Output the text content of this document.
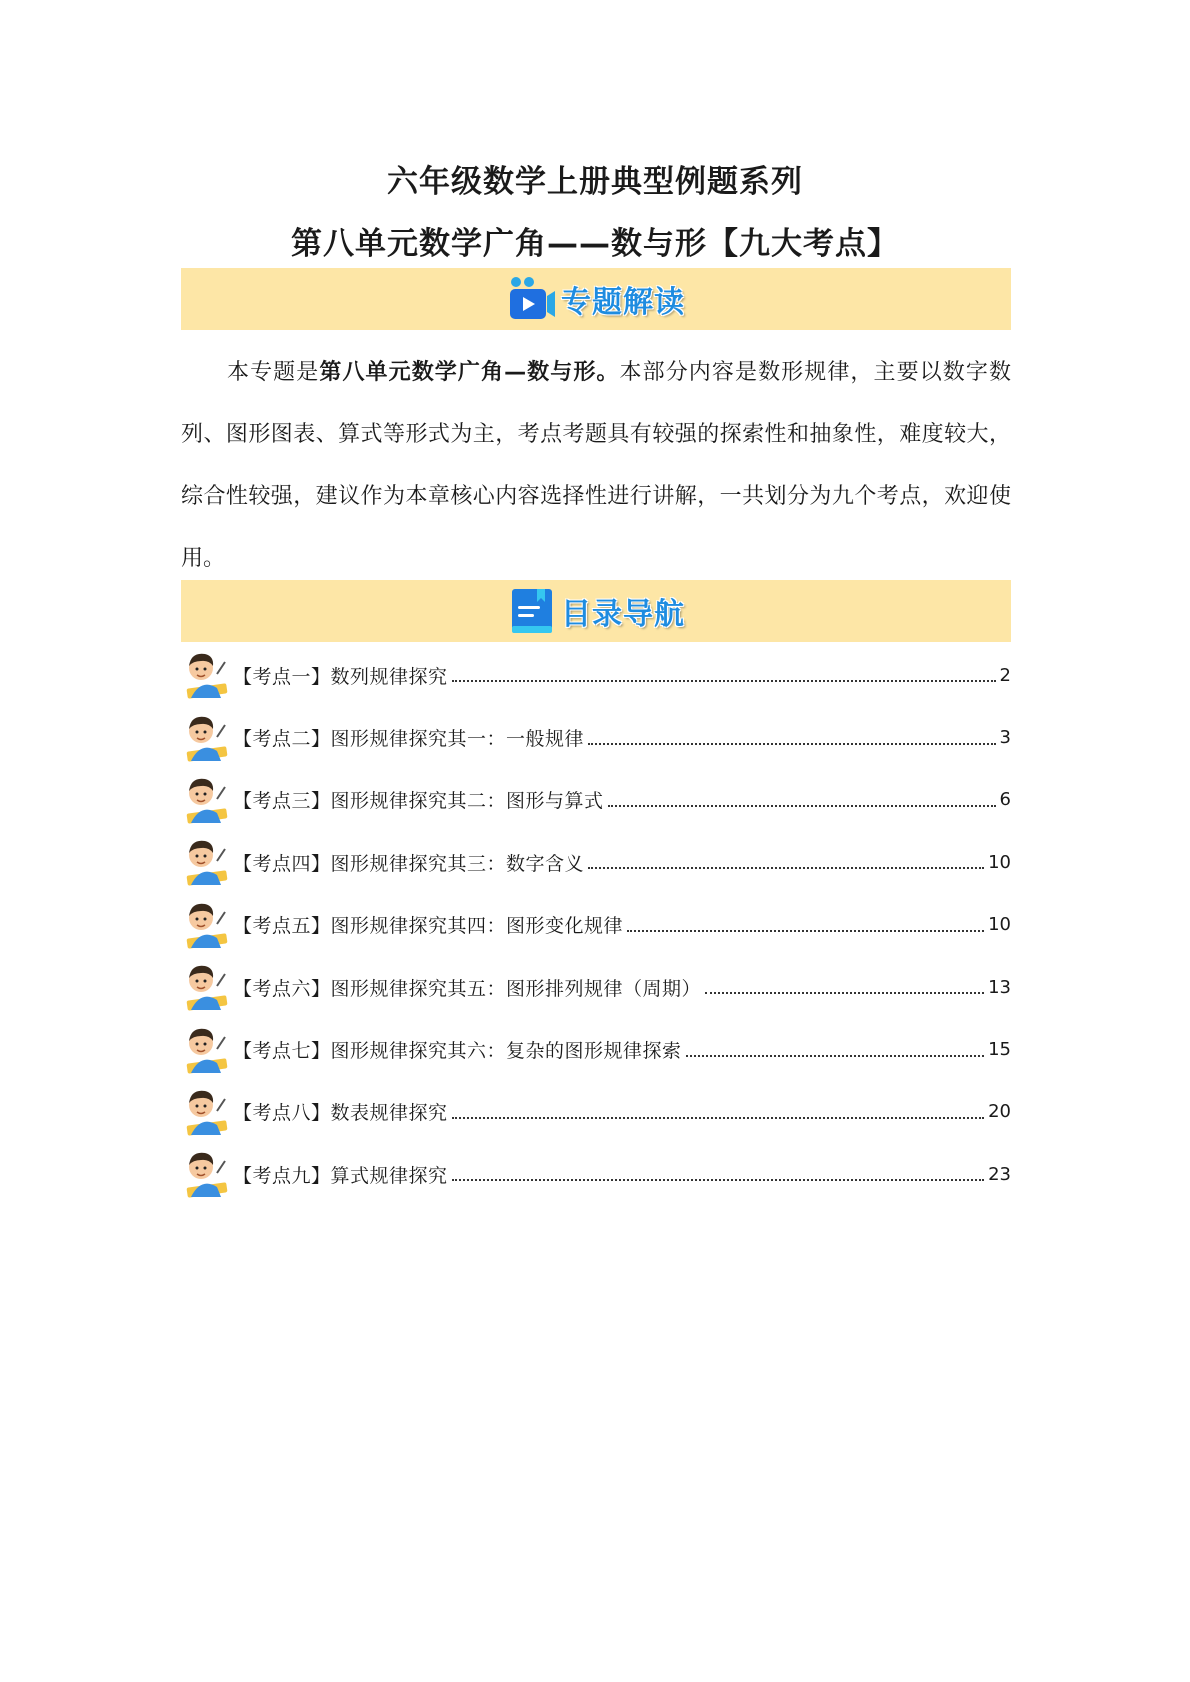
六年级数学上册典型例题系列
第八单元数学广角——数与形【九大考点】
专题解读
本专题是第八单元数学广角—数与形。本部分内容是数形规律，主要以数字数列、图形图表、算式等形式为主，考点考题具有较强的探索性和抽象性，难度较大，综合性较强，建议作为本章核心内容选择性进行讲解，一共划分为九个考点，欢迎使用。
目录导航
【考点一】数列规律探究	2
【考点二】图形规律探究其一：一般规律	3
【考点三】图形规律探究其二：图形与算式	6
【考点四】图形规律探究其三：数字含义	10
【考点五】图形规律探究其四：图形变化规律	10
【考点六】图形规律探究其五：图形排列规律（周期）	13
【考点七】图形规律探究其六：复杂的图形规律探索	15
【考点八】数表规律探究	20
【考点九】算式规律探究	23
